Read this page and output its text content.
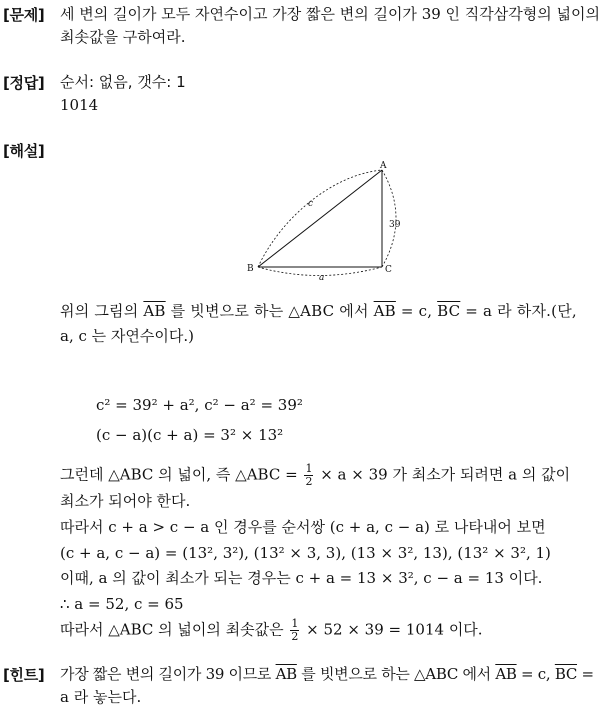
[문제] 세 변의 길이가 모두 자연수이고 가장 짧은 변의 길이가 39 인 직각삼각형의 넓이의
최솟값을 구하여라.
[정답] 순서: 없음, 갯수: 1
1014
[해설]
A
B	C
c
a
39
위의 그림의 $\overline{AB}$ 를 빗변으로 하는 △ABC 에서 $\overline{AB} = c$, $\overline{BC} = a$ 라 하자.(단,
a, c 는 자연수이다.)
c² = 39² + a², c² − a² = 39²
(c − a)(c + a) = 3² × 13²
그런데 △ABC 의 넓이, 즉 △ABC = $\frac{1}{2} \times a \times 39$ 가 최소가 되려면 a 의 값이
최소가 되어야 한다.
따라서 c + a > c − a 인 경우를 순서쌍 (c + a, c − a) 로 나타내어 보면
(c + a, c − a) = (13², 3²), (13² × 3, 3), (13 × 3², 13), (13² × 3², 1)
이때, a 의 값이 최소가 되는 경우는 c + a = 13 × 3², c − a = 13 이다.
∴ a = 52, c = 65
따라서 △ABC 의 넓이의 최솟값은 $\frac{1}{2} \times 52 \times 39 = 1014$ 이다.
[힌트] 가장 짧은 변의 길이가 39 이므로 $\overline{AB}$ 를 빗변으로 하는 △ABC 에서 $\overline{AB} = c$, $\overline{BC}$ =
a 라 놓는다.
